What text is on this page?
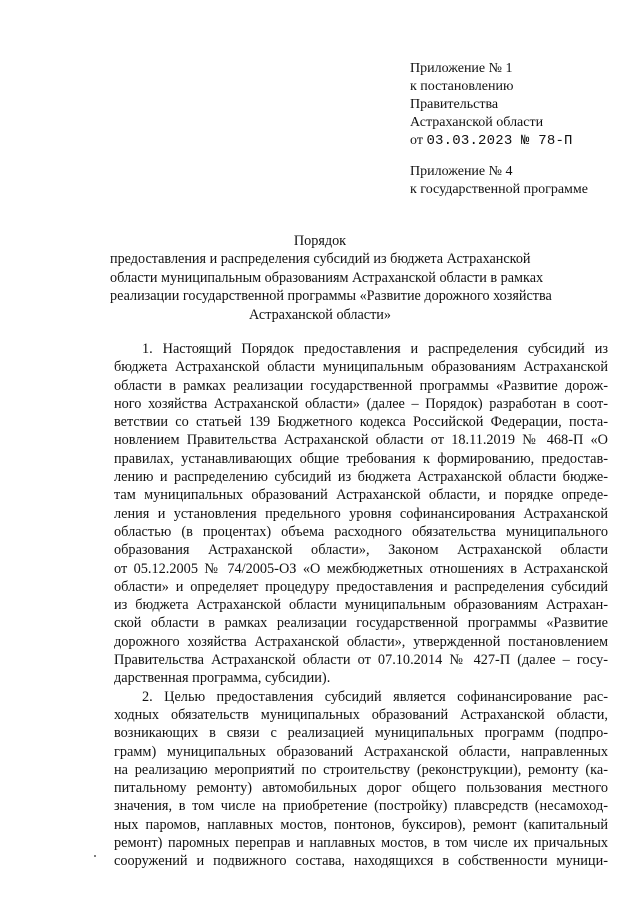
Приложение № 1
к постановлению
Правительства
Астраханской области
от 03.03.2023 № 78-П
Приложение № 4
к государственной программе
Порядок
предоставления и распределения субсидий из бюджета Астраханской
области муниципальным образованиям Астраханской области в рамках
реализации государственной программы «Развитие дорожного хозяйства
Астраханской области»
1. Настоящий Порядок предоставления и распределения субсидий из
бюджета Астраханской области муниципальным образованиям Астраханской
области в рамках реализации государственной программы «Развитие дорож-
ного хозяйства Астраханской области» (далее – Порядок) разработан в соот-
ветствии со статьей 139 Бюджетного кодекса Российской Федерации, поста-
новлением Правительства Астраханской области от 18.11.2019 № 468-П «О
правилах, устанавливающих общие требования к формированию, предостав-
лению и распределению субсидий из бюджета Астраханской области бюдже-
там муниципальных образований Астраханской области, и порядке опреде-
ления и установления предельного уровня софинансирования Астраханской
областью (в процентах) объема расходного обязательства муниципального
образования Астраханской области», Законом Астраханской области
от 05.12.2005 № 74/2005-ОЗ «О межбюджетных отношениях в Астраханской
области» и определяет процедуру предоставления и распределения субсидий
из бюджета Астраханской области муниципальным образованиям Астрахан-
ской области в рамках реализации государственной программы «Развитие
дорожного хозяйства Астраханской области», утвержденной постановлением
Правительства Астраханской области от 07.10.2014 № 427-П (далее – госу-
дарственная программа, субсидии).
2. Целью предоставления субсидий является софинансирование рас-
ходных обязательств муниципальных образований Астраханской области,
возникающих в связи с реализацией муниципальных программ (подпро-
грамм) муниципальных образований Астраханской области, направленных
на реализацию мероприятий по строительству (реконструкции), ремонту (ка-
питальному ремонту) автомобильных дорог общего пользования местного
значения, в том числе на приобретение (постройку) плавсредств (несамоход-
ных паромов, наплавных мостов, понтонов, буксиров), ремонт (капитальный
ремонт) паромных переправ и наплавных мостов, в том числе их причальных
сооружений и подвижного состава, находящихся в собственности муници-
